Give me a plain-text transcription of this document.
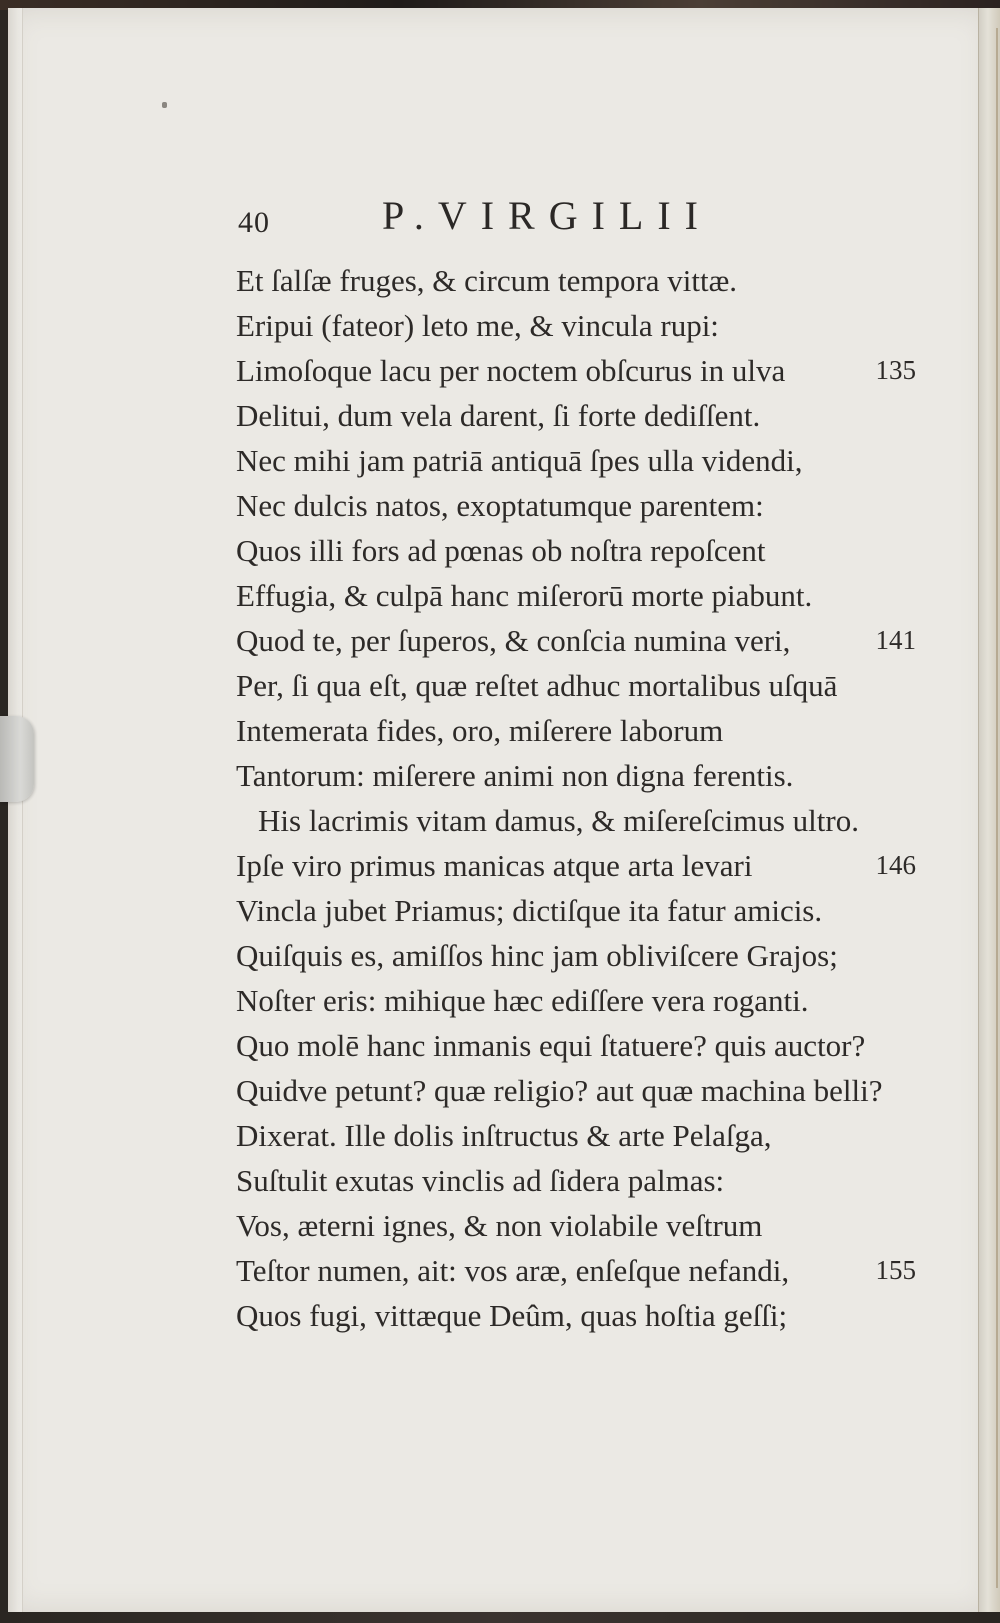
40	P.VIRGILII
Et ſalſæ fruges, & circum tempora vittæ.
Eripui (fateor) leto me, & vincula rupi:
Limoſoque lacu per noctem obſcurus in ulva	135
Delitui, dum vela darent, ſi forte dediſſent.
Nec mihi jam patriā antiquā ſpes ulla videndi,
Nec dulcis natos, exoptatumque parentem:
Quos illi fors ad pœnas ob noſtra repoſcent
Effugia, & culpā hanc miſerorū morte piabunt.
Quod te, per ſuperos, & conſcia numina veri,	141
Per, ſi qua eſt, quæ reſtet adhuc mortalibus uſquā
Intemerata fides, oro, miſerere laborum
Tantorum: miſerere animi non digna ferentis.
His lacrimis vitam damus, & miſereſcimus ultro.
Ipſe viro primus manicas atque arta levari	146
Vincla jubet Priamus; dictiſque ita fatur amicis.
Quiſquis es, amiſſos hinc jam obliviſcere Grajos;
Noſter eris: mihique hæc ediſſere vera roganti.
Quo molē hanc inmanis equi ſtatuere? quis auctor?
Quidve petunt? quæ religio? aut quæ machina belli?
Dixerat. Ille dolis inſtructus & arte Pelaſga,
Suſtulit exutas vinclis ad ſidera palmas:
Vos, æterni ignes, & non violabile veſtrum
Teſtor numen, ait: vos aræ, enſeſque nefandi,	155
Quos fugi, vittæque Deûm, quas hoſtia geſſi;
